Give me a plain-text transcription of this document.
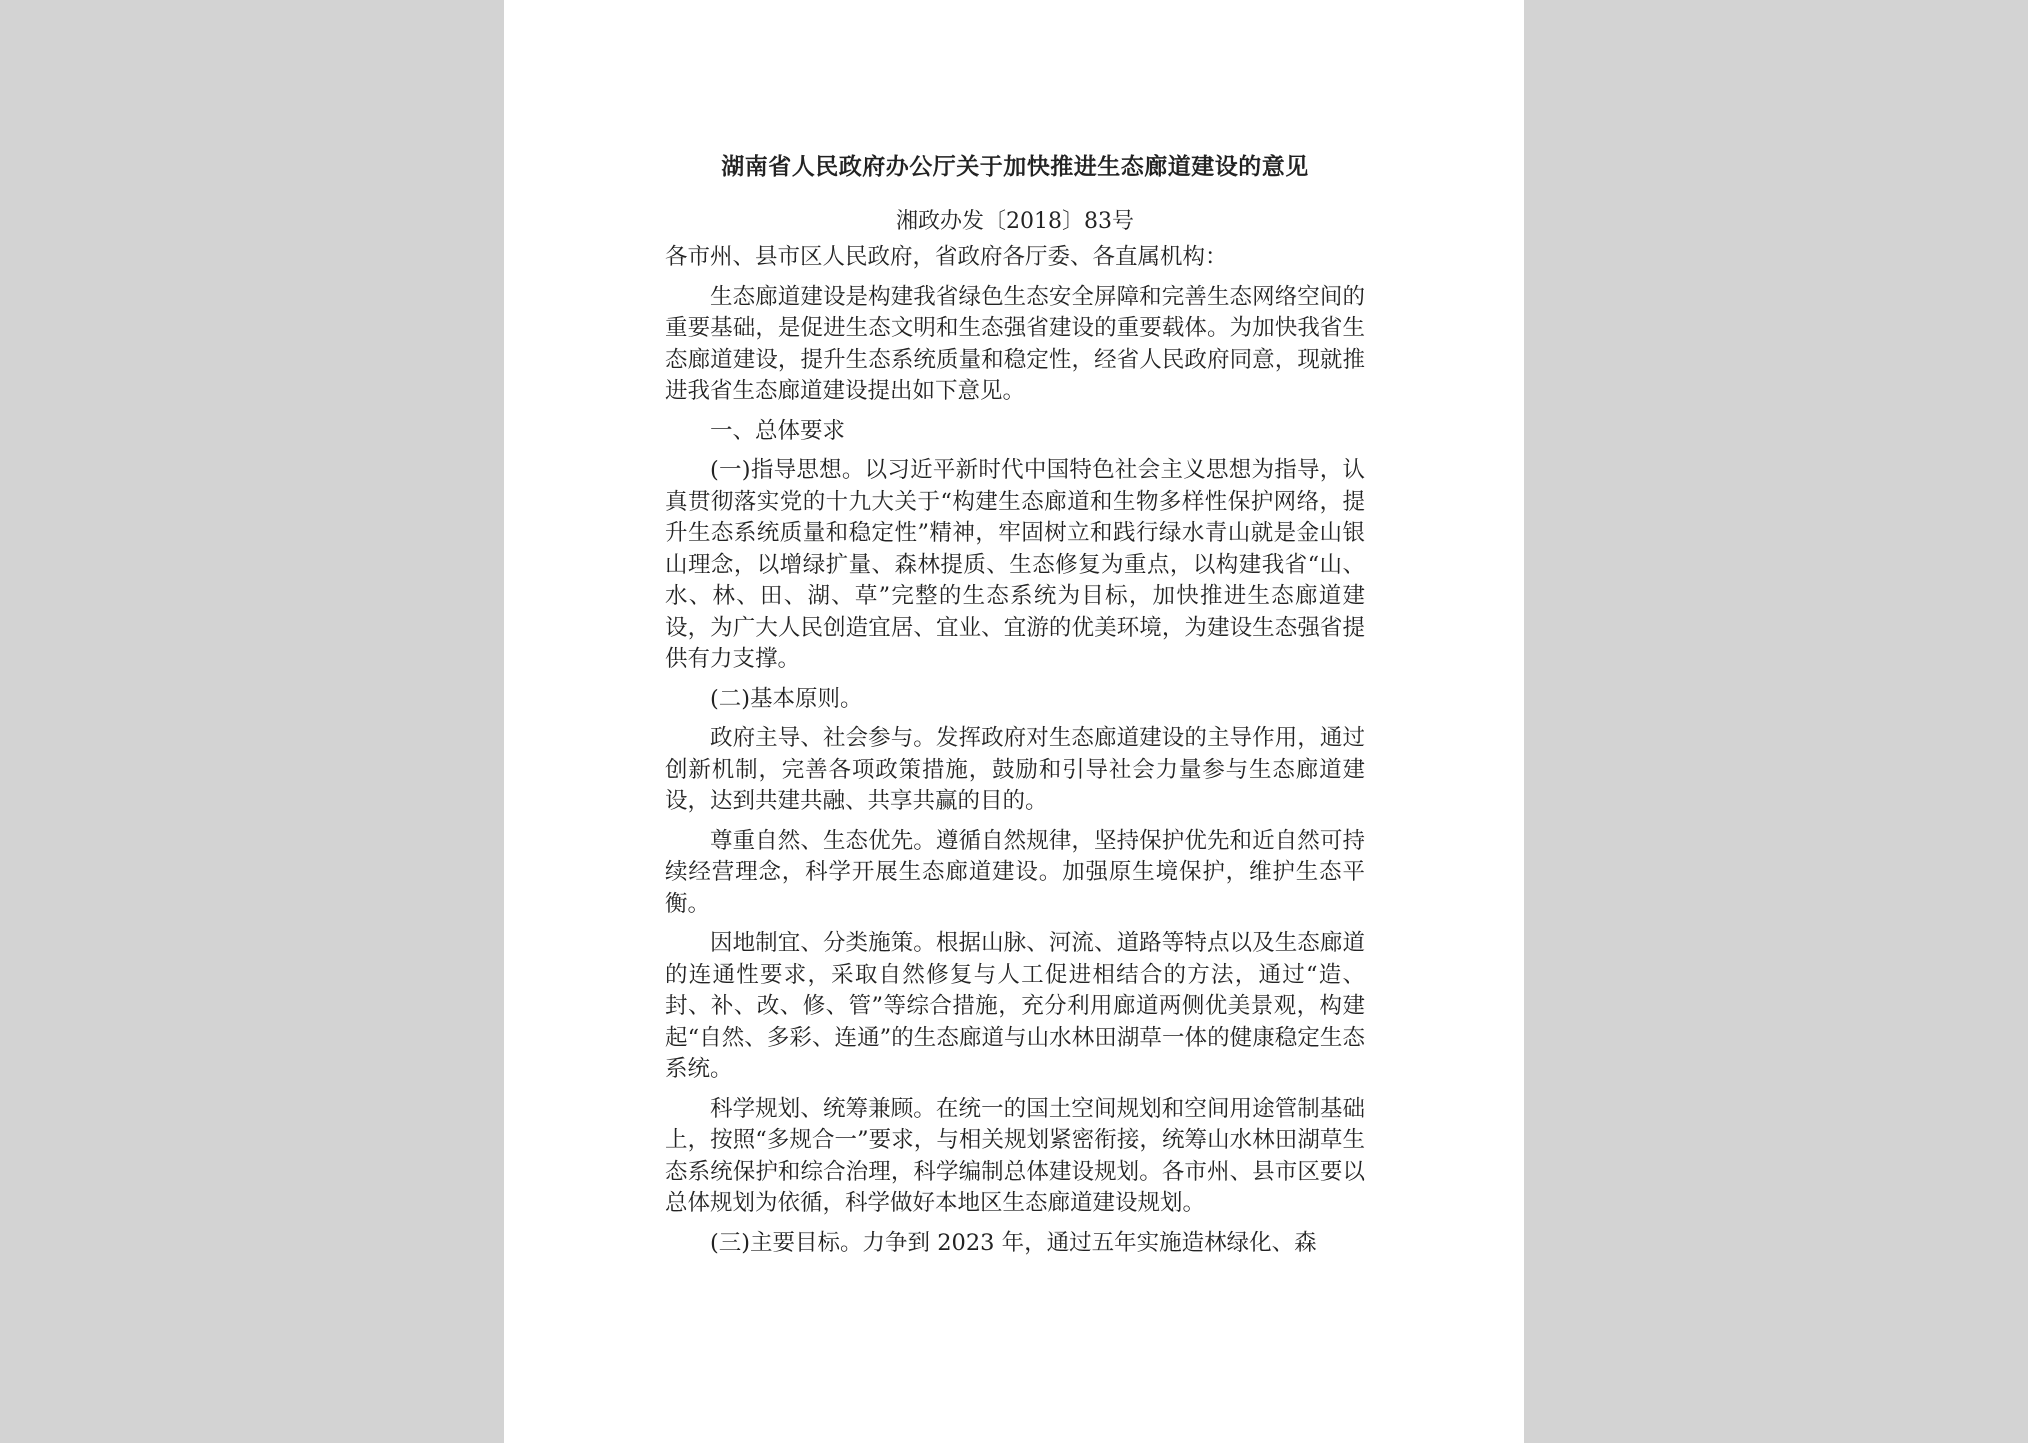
湖南省人民政府办公厅关于加快推进生态廊道建设的意见
湘政办发〔2018〕83号

各市州、县市区人民政府，省政府各厅委、各直属机构：

生态廊道建设是构建我省绿色生态安全屏障和完善生态网络空间的重要基础，是促进生态文明和生态强省建设的重要载体。为加快我省生态廊道建设，提升生态系统质量和稳定性，经省人民政府同意，现就推进我省生态廊道建设提出如下意见。

一、总体要求

(一)指导思想。以习近平新时代中国特色社会主义思想为指导，认真贯彻落实党的十九大关于“构建生态廊道和生物多样性保护网络，提升生态系统质量和稳定性”精神，牢固树立和践行绿水青山就是金山银山理念，以增绿扩量、森林提质、生态修复为重点，以构建我省“山、水、林、田、湖、草”完整的生态系统为目标，加快推进生态廊道建设，为广大人民创造宜居、宜业、宜游的优美环境，为建设生态强省提供有力支撑。

(二)基本原则。

政府主导、社会参与。发挥政府对生态廊道建设的主导作用，通过创新机制，完善各项政策措施，鼓励和引导社会力量参与生态廊道建设，达到共建共融、共享共赢的目的。

尊重自然、生态优先。遵循自然规律，坚持保护优先和近自然可持续经营理念，科学开展生态廊道建设。加强原生境保护，维护生态平衡。

因地制宜、分类施策。根据山脉、河流、道路等特点以及生态廊道的连通性要求，采取自然修复与人工促进相结合的方法，通过“造、封、补、改、修、管”等综合措施，充分利用廊道两侧优美景观，构建起“自然、多彩、连通”的生态廊道与山水林田湖草一体的健康稳定生态系统。

科学规划、统筹兼顾。在统一的国土空间规划和空间用途管制基础上，按照“多规合一”要求，与相关规划紧密衔接，统筹山水林田湖草生态系统保护和综合治理，科学编制总体建设规划。各市州、县市区要以总体规划为依循，科学做好本地区生态廊道建设规划。

(三)主要目标。力争到 2023 年，通过五年实施造林绿化、森
